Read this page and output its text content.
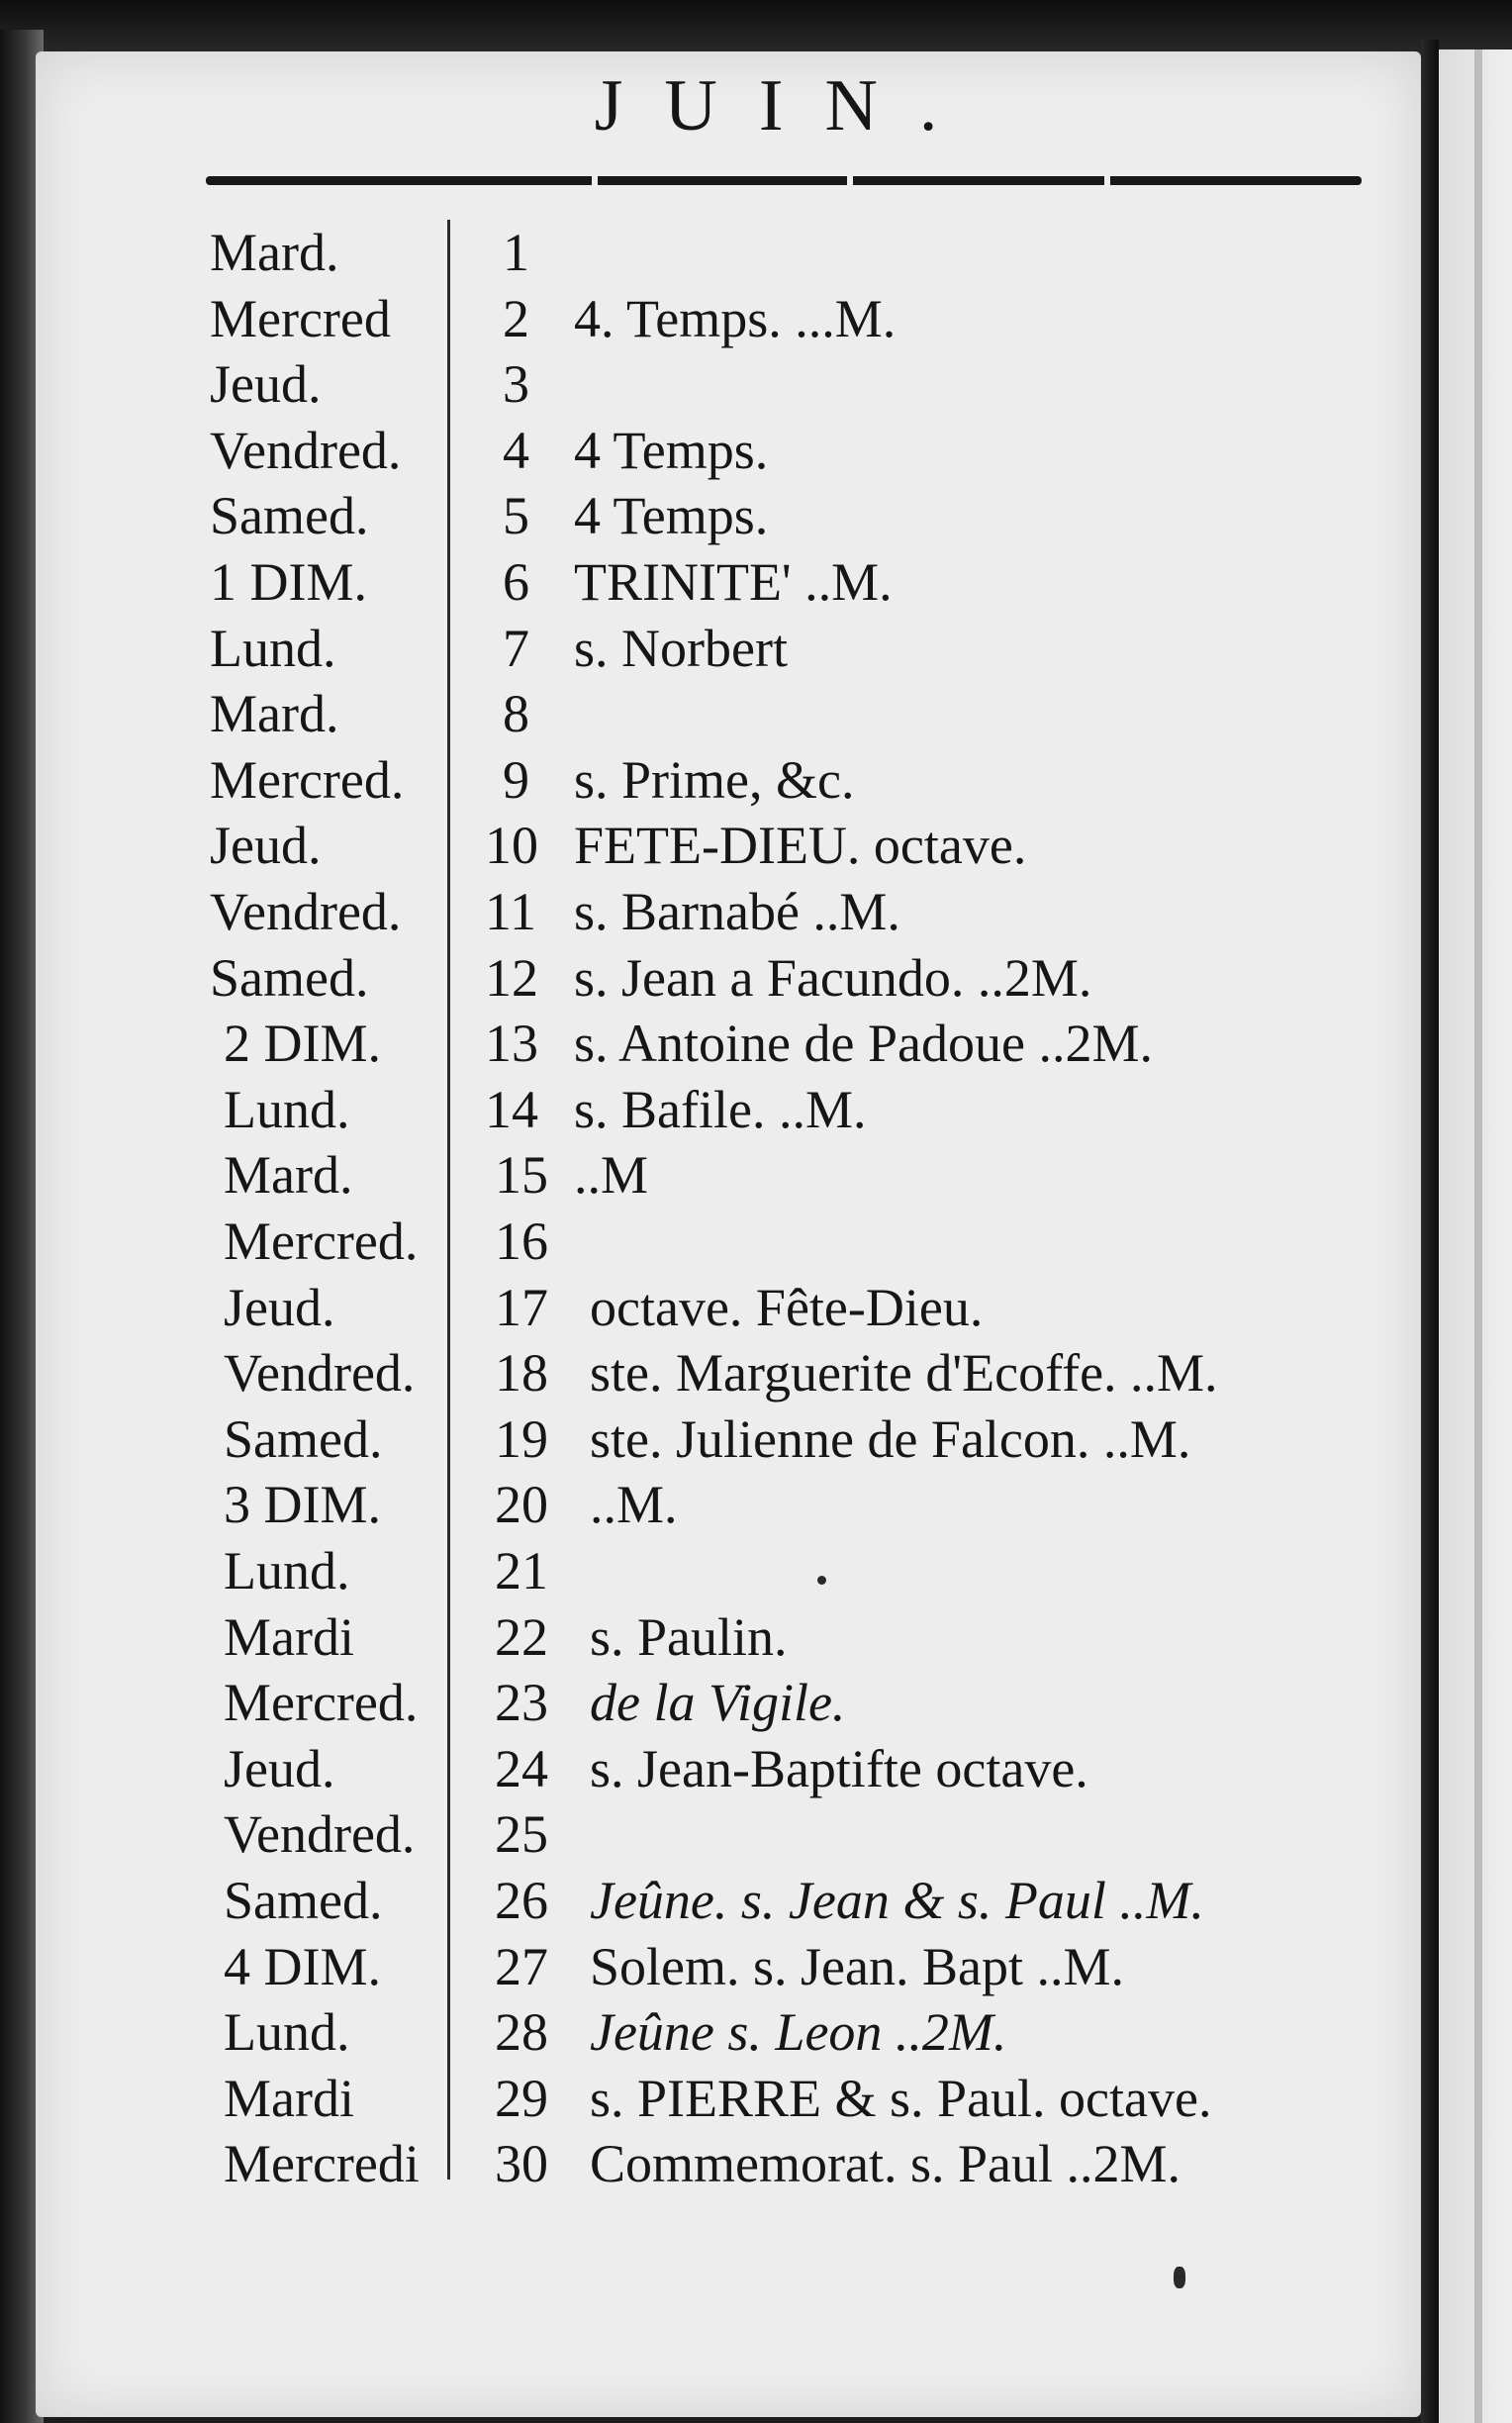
JUIN.
Mard.	1
Mercred 2 4. Temps. ...M.
Jeud.	3
Vendred. 4 4 Temps.
Samed.	5 4 Temps.
1 DIM.	6 TRINITE' ..M.
Lund.	7 s. Norbert
Mard.	8
Mercred. 9 s. Prime, &c.
Jeud.	10 FETE-DIEU. octave.
Vendred. 11 s. Barnabé ..M.
Samed. 12 s. Jean a Facundo. ..2M.
2 DIM. 13 s. Antoine de Padoue ..2M.
Lund.	14 s. Bafile. ..M.
Mard.	15 ..M
Mercred. 16
Jeud.	17 octave. Fête-Dieu.
Vendred. 18 ste. Marguerite d'Ecoffe. ..M.
Samed. 19 ste. Julienne de Falcon. ..M.
3 DIM. 20 ..M.
Lund.	21
Mardi	22 s. Paulin.
Mercred. 23 de la Vigile.
Jeud.	24 s. Jean-Baptifte octave.
Vendred. 25
Samed. 26 Jeûne. s. Jean & s. Paul ..M.
4 DIM. 27 Solem. s. Jean. Bapt ..M.
Lund.	28 Jeûne s. Leon ..2M.
Mardi	29 s. PIERRE & s. Paul. octave.
Mercredi 30 Commemorat. s. Paul ..2M.
